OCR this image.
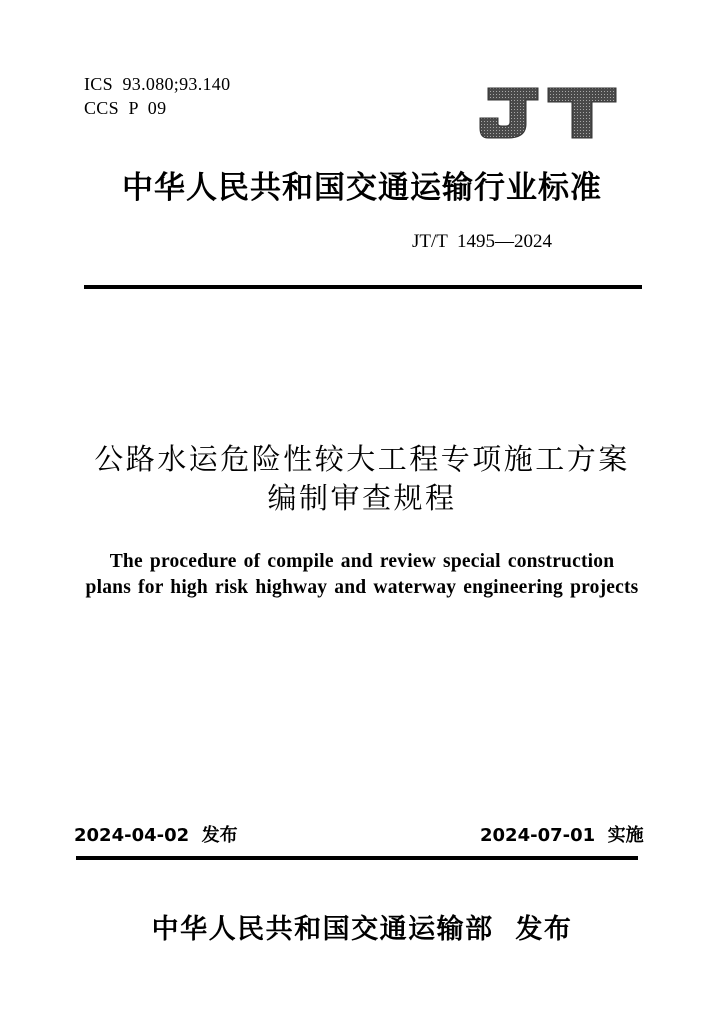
ICS  93.080;93.140
CCS  P  09
中华人民共和国交通运输行业标准
JT/T  1495—2024
公路水运危险性较大工程专项施工方案
编制审查规程
The procedure of compile and review special construction
plans for high risk highway and waterway engineering projects
2024-04-02  发布	2024-07-01  实施
中华人民共和国交通运输部  发布
